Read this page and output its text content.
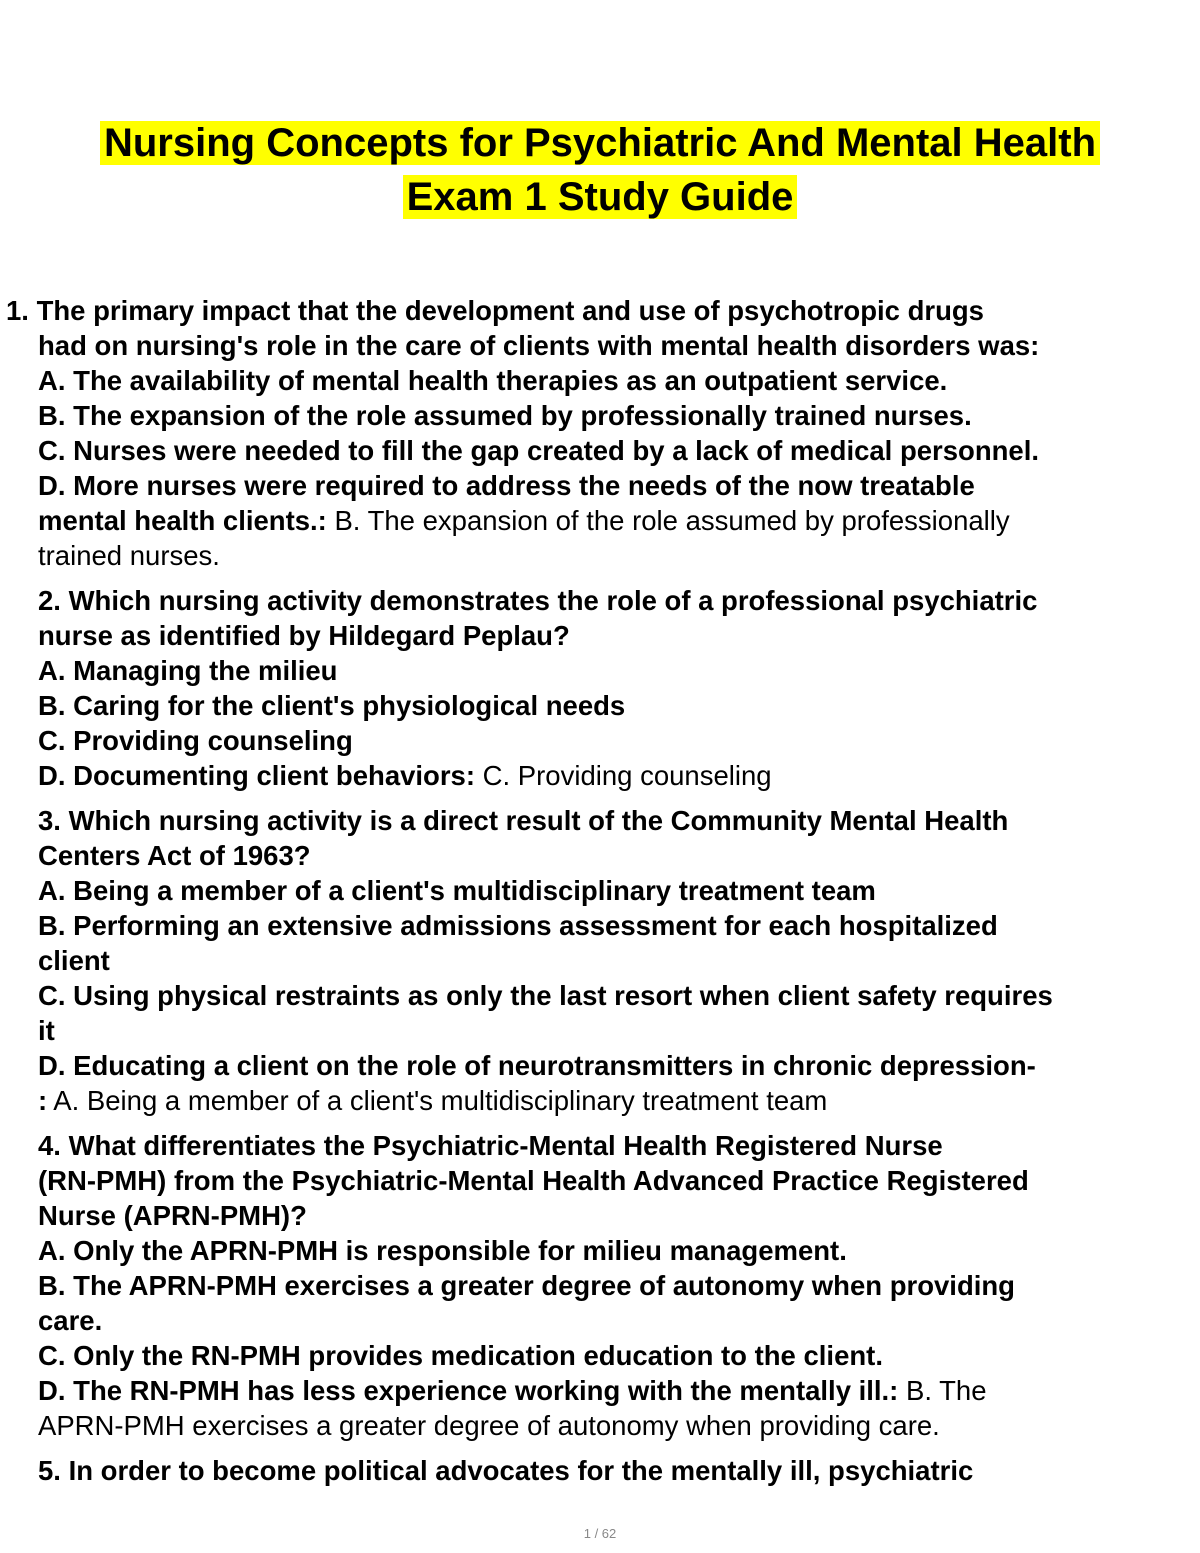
Nursing Concepts for Psychiatric And Mental Health
Exam 1 Study Guide
1. The primary impact that the development and use of psychotropic drugs
had on nursing's role in the care of clients with mental health disorders was:
A. The availability of mental health therapies as an outpatient service.
B. The expansion of the role assumed by professionally trained nurses.
C. Nurses were needed to fill the gap created by a lack of medical personnel.
D. More nurses were required to address the needs of the now treatable
mental health clients.: B. The expansion of the role assumed by professionally
trained nurses.
2. Which nursing activity demonstrates the role of a professional psychiatric
nurse as identified by Hildegard Peplau?
A. Managing the milieu
B. Caring for the client's physiological needs
C. Providing counseling
D. Documenting client behaviors: C. Providing counseling
3. Which nursing activity is a direct result of the Community Mental Health
Centers Act of 1963?
A. Being a member of a client's multidisciplinary treatment team
B. Performing an extensive admissions assessment for each hospitalized
client
C. Using physical restraints as only the last resort when client safety requires
it
D. Educating a client on the role of neurotransmitters in chronic depression-
: A. Being a member of a client's multidisciplinary treatment team
4. What differentiates the Psychiatric-Mental Health Registered Nurse
(RN-PMH) from the Psychiatric-Mental Health Advanced Practice Registered
Nurse (APRN-PMH)?
A. Only the APRN-PMH is responsible for milieu management.
B. The APRN-PMH exercises a greater degree of autonomy when providing
care.
C. Only the RN-PMH provides medication education to the client.
D. The RN-PMH has less experience working with the mentally ill.: B. The
APRN-PMH exercises a greater degree of autonomy when providing care.
5. In order to become political advocates for the mentally ill, psychiatric
1 / 62
